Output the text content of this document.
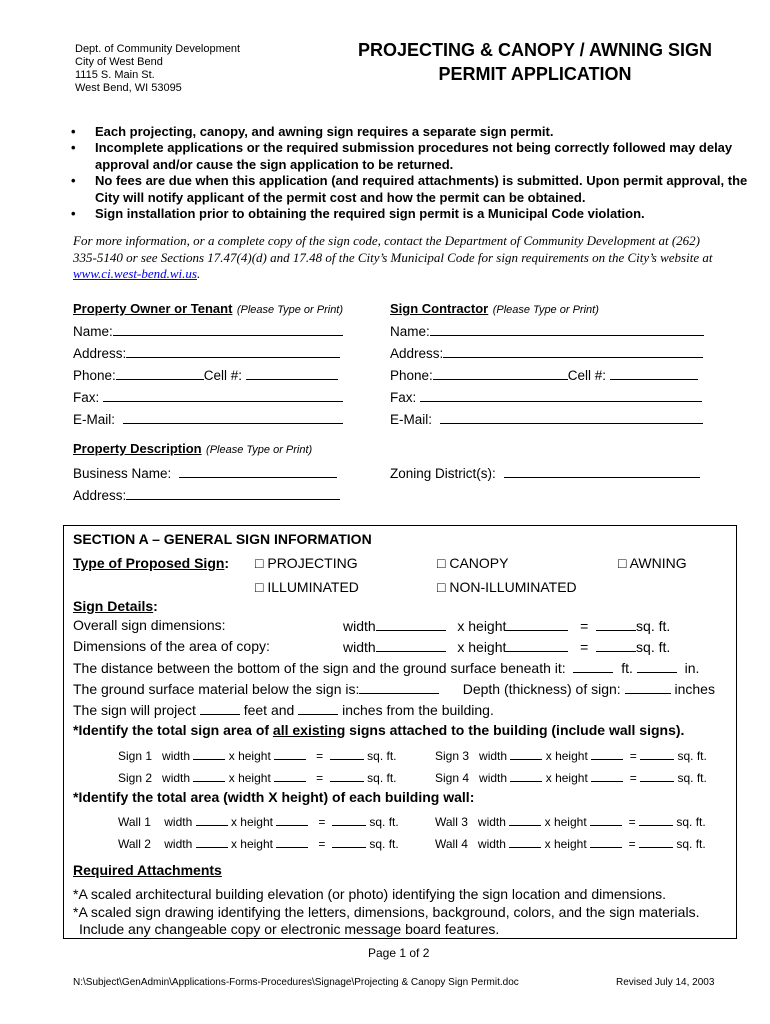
Dept. of Community Development
City of West Bend
1115 S. Main St.
West Bend, WI 53095
PROJECTING & CANOPY / AWNING SIGN
PERMIT APPLICATION
• Each projecting, canopy, and awning sign requires a separate sign permit.
• Incomplete applications or the required submission procedures not being correctly followed may delay approval and/or cause the sign application to be returned.
• No fees are due when this application (and required attachments) is submitted. Upon permit approval, the City will notify applicant of the permit cost and how the permit can be obtained.
• Sign installation prior to obtaining the required sign permit is a Municipal Code violation.
For more information, or a complete copy of the sign code, contact the Department of Community Development at (262) 335-5140 or see Sections 17.47(4)(d) and 17.48 of the City’s Municipal Code for sign requirements on the City’s website at www.ci.west-bend.wi.us.
Property Owner or Tenant (Please Type or Print)
Name:
Address:
Phone:	Cell #:
Fax:
E-Mail:
Sign Contractor (Please Type or Print)
Name:
Address:
Phone:	Cell #:
Fax:
E-Mail:
Property Description (Please Type or Print)
Business Name:
Address:
Zoning District(s):
SECTION A – GENERAL SIGN INFORMATION
Type of Proposed Sign: □ PROJECTING	□ CANOPY	□ AWNING
□ ILLUMINATED	□ NON-ILLUMINATED
Sign Details:
Overall sign dimensions:	width	x height	=	sq. ft.
Dimensions of the area of copy:	width	x height	=	sq. ft.
The distance between the bottom of the sign and the ground surface beneath it:	ft.	in.
The ground surface material below the sign is:	Depth (thickness) of sign:	inches
The sign will project	feet and	inches from the building.
*Identify the total sign area of all existing signs attached to the building (include wall signs).
Sign 1 width	x height	=	sq. ft.	Sign 3 width	x height	=	sq. ft.
Sign 2 width	x height	=	sq. ft.	Sign 4 width	x height	=	sq. ft.
*Identify the total area (width X height) of each building wall:
Wall 1 width	x height	=	sq. ft.	Wall 3 width	x height	=	sq. ft.
Wall 2 width	x height	=	sq. ft.	Wall 4 width	x height	=	sq. ft.
Required Attachments
*A scaled architectural building elevation (or photo) identifying the sign location and dimensions.
*A scaled sign drawing identifying the letters, dimensions, background, colors, and the sign materials.
Include any changeable copy or electronic message board features.
Page 1 of 2
N:\Subject\GenAdmin\Applications-Forms-Procedures\Signage\Projecting & Canopy Sign Permit.doc	Revised July 14, 2003
